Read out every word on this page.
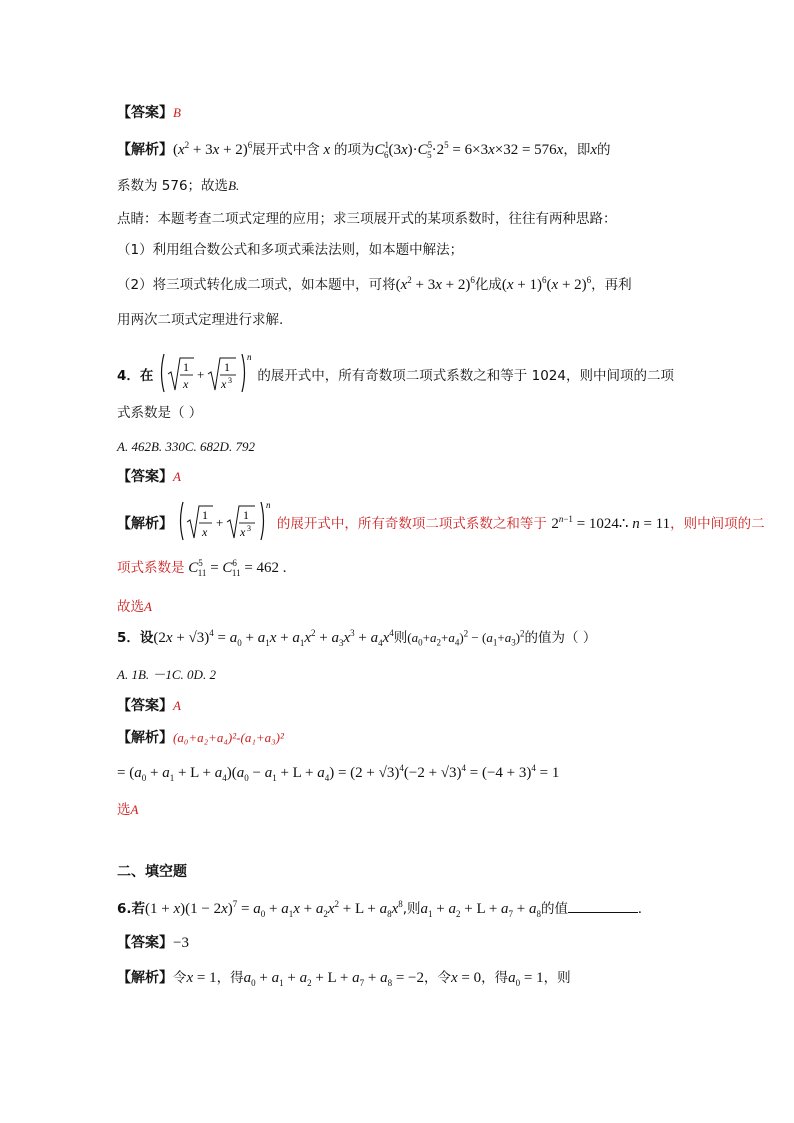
【答案】B
【解析】$(x^2 + 3x + 2)^6$展开式中含 x 的项为$C^1_6(3x)\cdot C^5_5\cdot 2^5 = 6\times 3x\times 32 = 576x$，即x的
系数为 576；故选B.
点睛：本题考查二项式定理的应用；求三项展开式的某项系数时，往往有两种思路：
（1）利用组合数公式和多项式乘法法则，如本题中解法；
（2）将三项式转化成二项式，如本题中，可将$(x^2 + 3x + 2)^6$化成$(x + 1)^6(x + 2)^6$，再利
用两次二项式定理进行求解.
4．在
1
x
+ 1
x 3
n
的展开式中，所有奇数项二项式系数之和等于 1024，则中间项的二项
式系数是（ ）
A. 462B. 330C. 682D. 792
【答案】A
【解析】
1
x
+ 1
x 3
n
的展开式中，所有奇数项二项式系数之和等于 $2^{n-1}$ = 1024∴ n = 11，则中间项的二
项式系数是 $C^5_{11} = C^6_{11} = 462$ .
故选A
5．设$(2x + √3)^4 = a_0 + a_1x + a_1x^2 + a_3x^3 + a_4x^4$则$(a_0+a_2+a_4)^2 - (a_1+a_3)^2$的值为（ ）
A. 1B. －1C. 0D. 2
【答案】A
【解析】(a₀+a₂+a₄)²-(a₁+a₃)²
= $(a_0 + a_1 + L + a_4)(a_0 - a_1 + L + a_4) = (2 + √3)^4(-2 + √3)^4 = (-4 + 3)^4 = 1$
选A
二、填空题
6.若$(1 + x)(1 - 2x)^7 = a_0 + a_1x + a_2x^2 + L + a_8x^8$,则$a_1 + a_2 + L + a_7 + a_8$的值	.
【答案】−3
【解析】令x = 1，得$a_0 + a_1 + a_2 + L + a_7 + a_8 = -2$，令x = 0，得$a_0 = 1$，则
